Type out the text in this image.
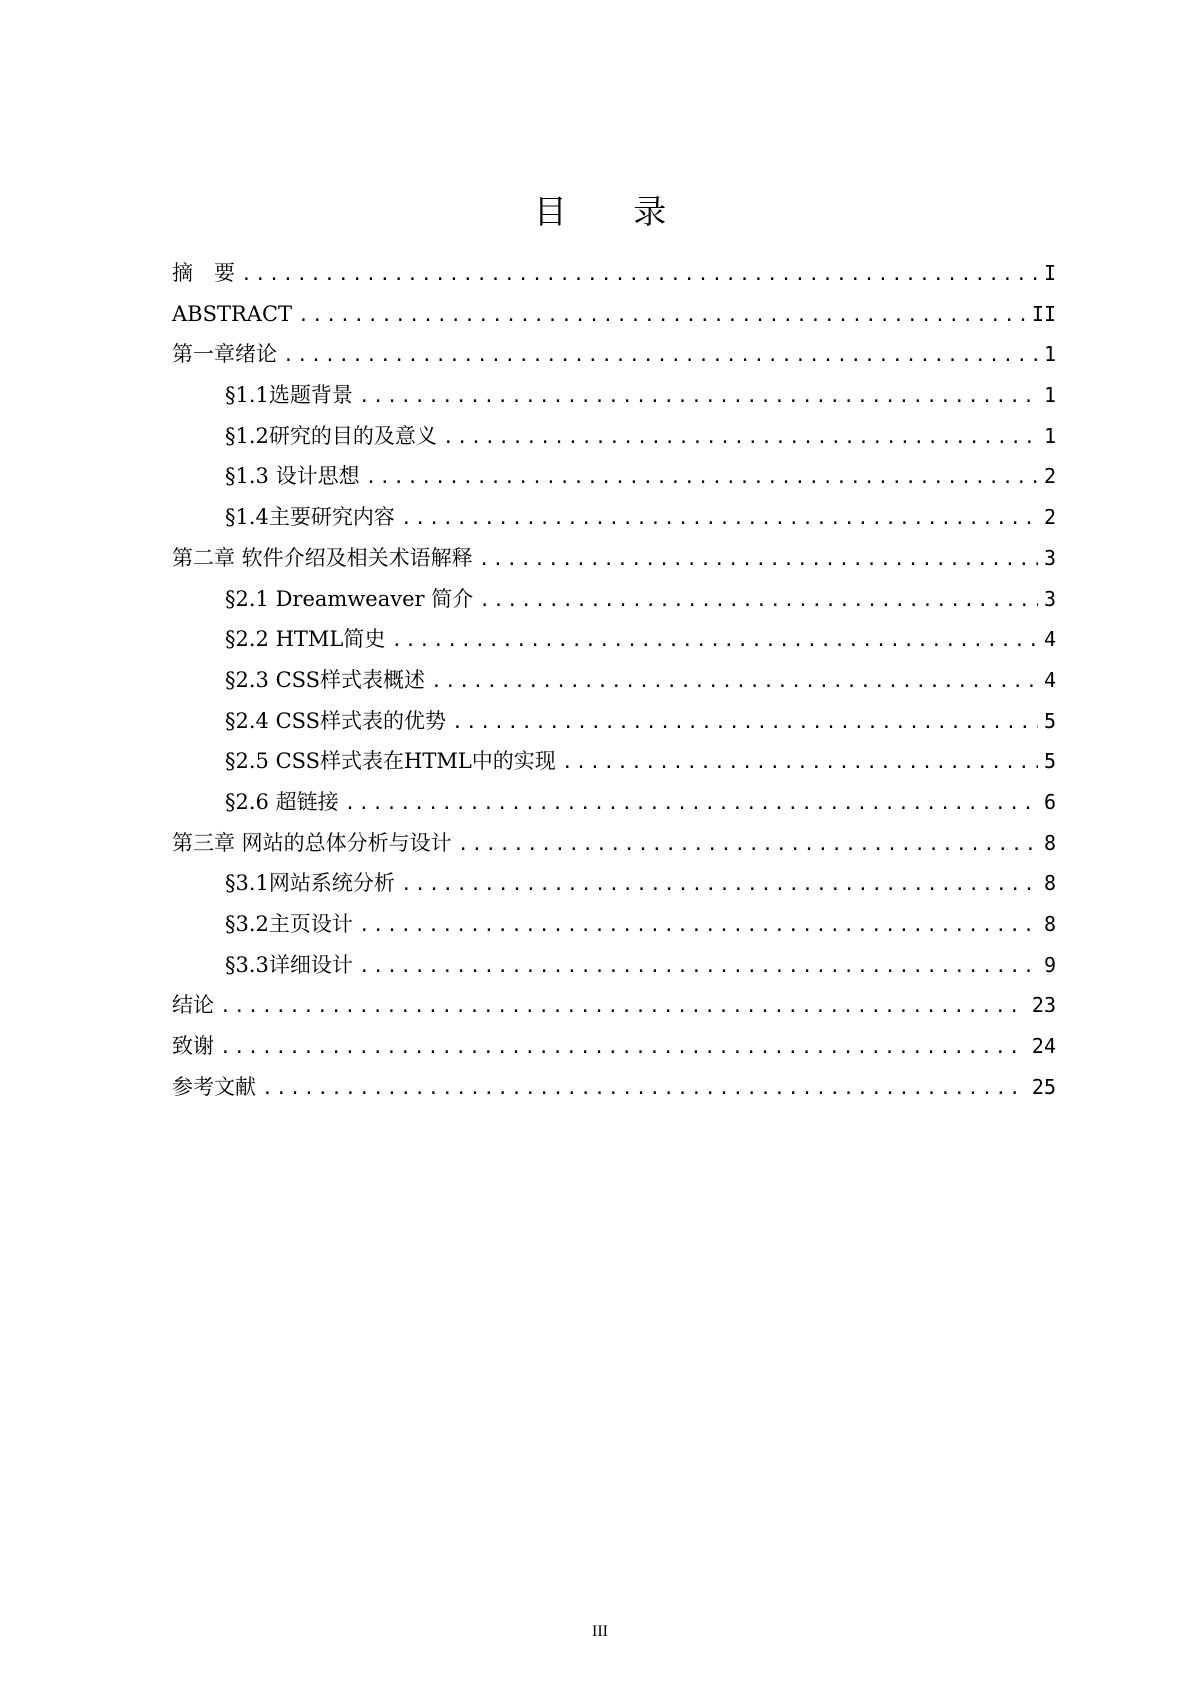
目 录
摘　要 .....	I
ABSTRACT .....	II
第一章绪论 .....	1
§1.1选题背景 .....	1
§1.2研究的目的及意义 .....	1
§1.3 设计思想 .....	2
§1.4主要研究内容 .....	2
第二章 软件介绍及相关术语解释 .....	3
§2.1 Dreamweaver 简介 .....	3
§2.2 HTML简史 .....	4
§2.3 CSS样式表概述 .....	4
§2.4 CSS样式表的优势 .....	5
§2.5 CSS样式表在HTML中的实现 .....	5
§2.6 超链接 .....	6
第三章 网站的总体分析与设计 .....	8
§3.1网站系统分析 .....	8
§3.2主页设计 .....	8
§3.3详细设计 .....	9
结论 .....	23
致谢 .....	24
参考文献 .....	25
III
